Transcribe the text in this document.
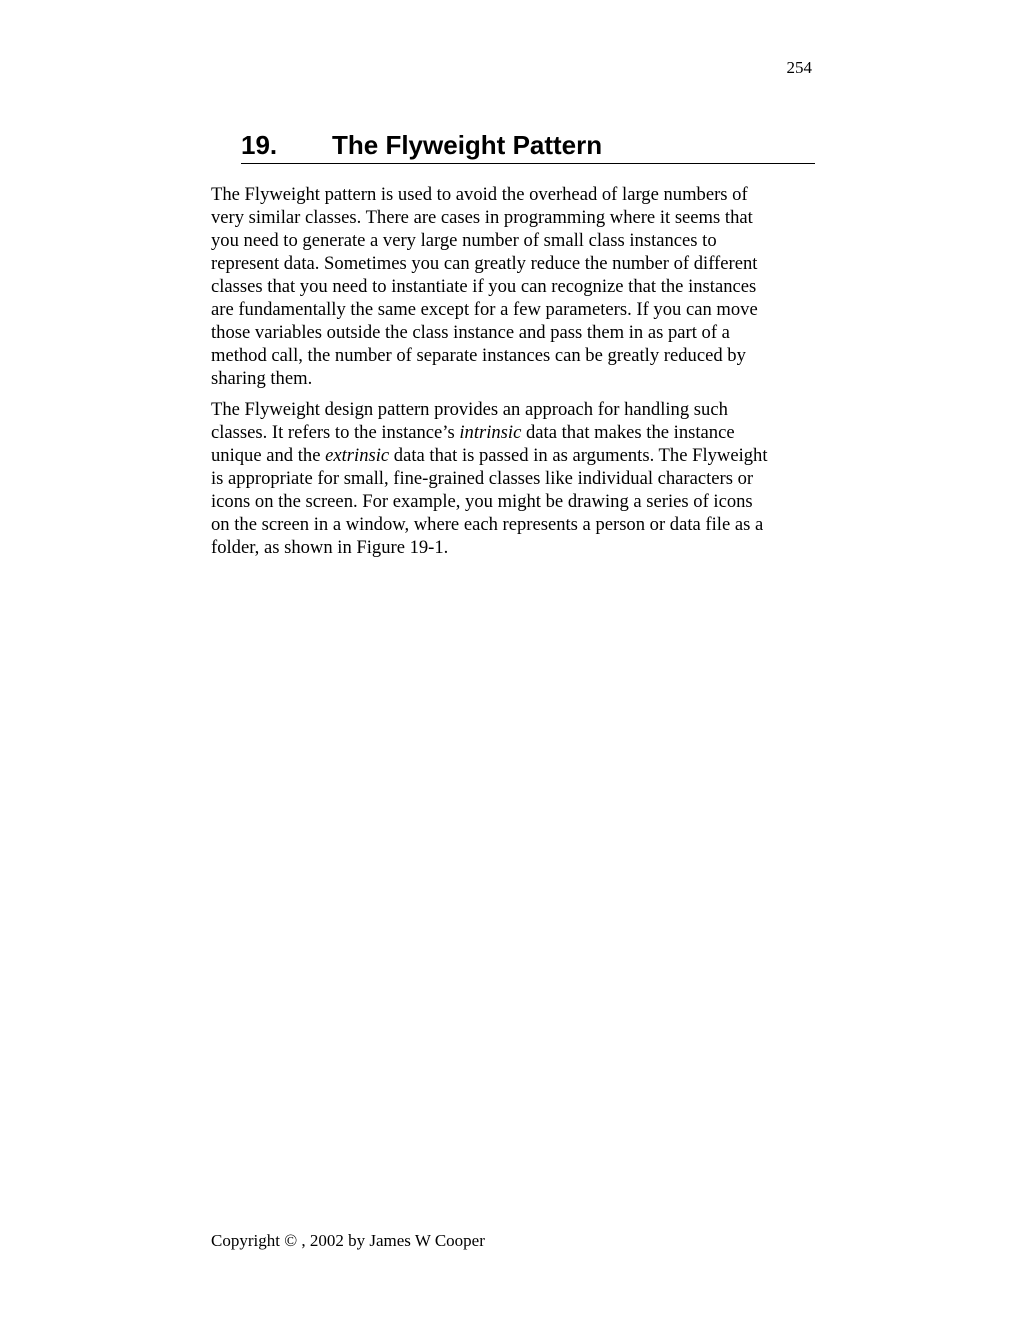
254
19. The Flyweight Pattern
The Flyweight pattern is used to avoid the overhead of large numbers of
very similar classes. There are cases in programming where it seems that
you need to generate a very large number of small class instances to
represent data. Sometimes you can greatly reduce the number of different
classes that you need to instantiate if you can recognize that the instances
are fundamentally the same except for a few parameters. If you can move
those variables outside the class instance and pass them in as part of a
method call, the number of separate instances can be greatly reduced by
sharing them.
The Flyweight design pattern provides an approach for handling such
classes. It refers to the instance’s intrinsic data that makes the instance
unique and the extrinsic data that is passed in as arguments. The Flyweight
is appropriate for small, fine-grained classes like individual characters or
icons on the screen. For example, you might be drawing a series of icons
on the screen in a window, where each represents a person or data file as a
folder, as shown in Figure 19-1.
Copyright © , 2002 by James W Cooper
